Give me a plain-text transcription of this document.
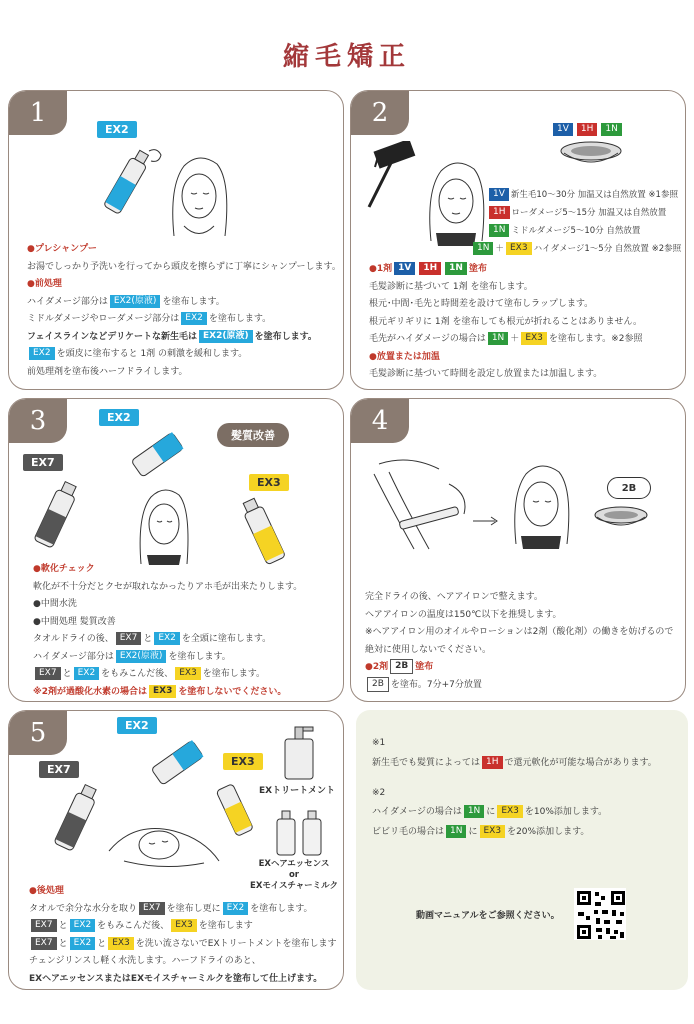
縮毛矯正
1
EX2
●プレシャンプー
お湯でしっかり予洗いを行ってから頭皮を擦らずに丁寧にシャンプーします。
●前処理
ハイダメージ部分は EX2(原液) を塗布します。
ミドルダメージやローダメージ部分は EX2 を塗布します。
フェイスラインなどデリケートな新生毛は EX2(原液) を塗布します。
EX2 を頭皮に塗布すると 1剤 の刺激を緩和します。
前処理剤を塗布後ハーフドライします。
2
1V 1H 1N
1V 新生毛10～30分 加温又は自然放置 ※1参照
1H ローダメージ5～15分 加温又は自然放置
1N ミドルダメージ5～10分 自然放置
1N ＋ EX3 ハイダメージ1～5分 自然放置 ※2参照
●1剤 1V 1H 1N 塗布
毛髪診断に基づいて 1剤 を塗布します。
根元･中間･毛先と時間差を設けて塗布しラップします。
根元ギリギリに 1剤 を塗布しても根元が折れることはありません。
毛先がハイダメージの場合は 1N ＋ EX3 を塗布します。※2参照
●放置または加温
毛髪診断に基づいて時間を設定し放置または加温します。
3	EX2
EX7
EX3
髪質改善
●軟化チェック
軟化が不十分だとクセが取れなかったりアホ毛が出来たりします。
●中間水洗
●中間処理 髪質改善
タオルドライの後、 EX7 と EX2 を全頭に塗布します。
ハイダメージ部分は EX2(原液) を塗布します。
EX7 と EX2 をもみこんだ後、 EX3 を塗布します。
※2剤が過酸化水素の場合は EX3 を塗布しないでください。
4
2B
完全ドライの後、ヘアアイロンで整えます。
ヘアアイロンの温度は150℃以下を推奨します。
※ヘアアイロン用のオイルやローションは2剤（酸化剤）の働きを妨げるので
絶対に使用しないでください。
●2剤 2B 塗布
2B を塗布。7分+7分放置
5	EX2
EX7
EX3
EXトリートメント
EXヘアエッセンス
or
EXモイスチャーミルク
●後処理
タオルで余分な水分を取り EX7 を塗布し更に EX2 を塗布します。
EX7 と EX2 をもみこんだ後、 EX3 を塗布します
EX7 と EX2 と EX3 を洗い流さないでEXトリートメントを塗布します
チェンジリンスし軽く水洗します。ハーフドライのあと、
EXヘアエッセンスまたはEXモイスチャーミルクを塗布して仕上げます。
※1
新生毛でも髪質によっては 1H で還元軟化が可能な場合があります。
※2
ハイダメージの場合は 1N に EX3 を10%添加します。
ビビリ毛の場合は 1N に EX3 を20%添加します。
動画マニュアルをご参照ください。
